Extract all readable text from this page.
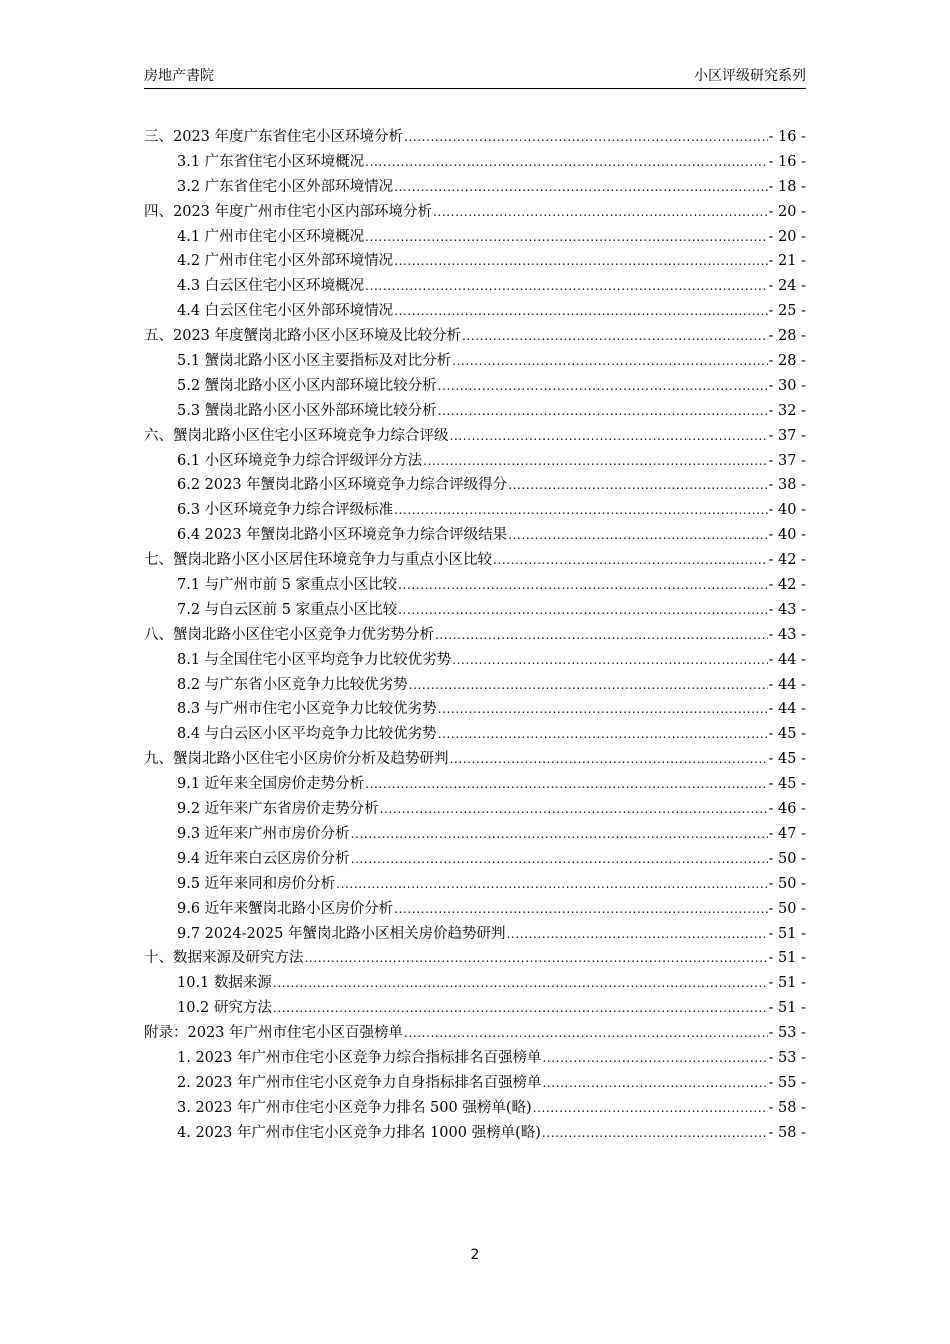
房地产書院	小区评级研究系列
三、2023 年度广东省住宅小区环境分析 .....	- 16 -
3.1 广东省住宅小区环境概况 .....	- 16 -
3.2 广东省住宅小区外部环境情况 .....	- 18 -
四、2023 年度广州市住宅小区内部环境分析 .....	- 20 -
4.1 广州市住宅小区环境概况 .....	- 20 -
4.2 广州市住宅小区外部环境情况 .....	- 21 -
4.3 白云区住宅小区环境概况 .....	- 24 -
4.4 白云区住宅小区外部环境情况 .....	- 25 -
五、2023 年度蟹岗北路小区小区环境及比较分析 .....	- 28 -
5.1 蟹岗北路小区小区主要指标及对比分析 .....	- 28 -
5.2 蟹岗北路小区小区内部环境比较分析 .....	- 30 -
5.3 蟹岗北路小区小区外部环境比较分析 .....	- 32 -
六、蟹岗北路小区住宅小区环境竞争力综合评级 .....	- 37 -
6.1 小区环境竞争力综合评级评分方法 .....	- 37 -
6.2 2023 年蟹岗北路小区环境竞争力综合评级得分 .....	- 38 -
6.3 小区环境竞争力综合评级标准 .....	- 40 -
6.4 2023 年蟹岗北路小区环境竞争力综合评级结果 .....	- 40 -
七、蟹岗北路小区小区居住环境竞争力与重点小区比较 .....	- 42 -
7.1 与广州市前 5 家重点小区比较 .....	- 42 -
7.2 与白云区前 5 家重点小区比较 .....	- 43 -
八、蟹岗北路小区住宅小区竞争力优劣势分析 .....	- 43 -
8.1 与全国住宅小区平均竞争力比较优劣势 .....	- 44 -
8.2 与广东省小区竞争力比较优劣势 .....	- 44 -
8.3 与广州市住宅小区竞争力比较优劣势 .....	- 44 -
8.4 与白云区小区平均竞争力比较优劣势 .....	- 45 -
九、蟹岗北路小区住宅小区房价分析及趋势研判 .....	- 45 -
9.1 近年来全国房价走势分析 .....	- 45 -
9.2 近年来广东省房价走势分析 .....	- 46 -
9.3 近年来广州市房价分析 .....	- 47 -
9.4 近年来白云区房价分析 .....	- 50 -
9.5 近年来同和房价分析 .....	- 50 -
9.6 近年来蟹岗北路小区房价分析 .....	- 50 -
9.7 2024-2025 年蟹岗北路小区相关房价趋势研判 .....	- 51 -
十、数据来源及研究方法 .....	- 51 -
10.1 数据来源 .....	- 51 -
10.2 研究方法 .....	- 51 -
附录：2023 年广州市住宅小区百强榜单 .....	- 53 -
1. 2023 年广州市住宅小区竞争力综合指标排名百强榜单 .....	- 53 -
2. 2023 年广州市住宅小区竞争力自身指标排名百强榜单 .....	- 55 -
3. 2023 年广州市住宅小区竞争力排名 500 强榜单(略) .....	- 58 -
4. 2023 年广州市住宅小区竞争力排名 1000 强榜单(略) .....	- 58 -
2
